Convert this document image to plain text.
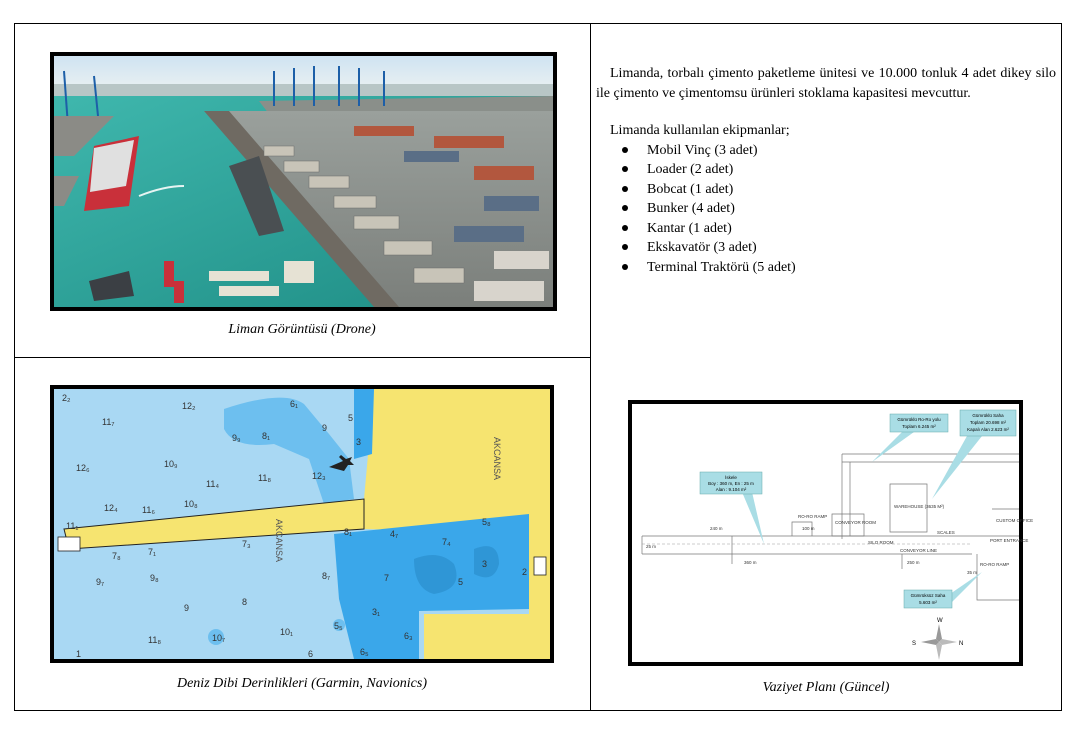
Liman Görüntüsü (Drone)

Limanda, torbalı çimento paketleme ünitesi ve 10.000 tonluk 4 adet dikey silo ile çimento ve çimentomsu ürünleri stoklama kapasitesi mevcuttur.

Limanda kullanılan ekipmanlar;

Mobil Vinç (3 adet)
Loader (2 adet)
Bobcat (1 adet)
Bunker (4 adet)
Kantar (1 adet)
Ekskavatör (3 adet)
Terminal Traktörü (5 adet)
2₂
12₂
11₇
6₁
5
9
8₁
9₉	3
12₆	10₉
11₈	12₃
11₄
12₄	11₆
10₈
11₁	5₈
8₁	4₇
7₄
2
7₈
7₃
7₁
9₇	9₈	8₇	7	5
3
9
8
3₁
6₃
11₈	10₇
10₁
5₅
6₅
6
1
AKCANSA
AKCANSA
Deniz Dibi Derinlikleri (Garmin, Navionics)
RO-RO RAMP
CONVEYOR ROOM
WAREHOUSE (3635 M²)
SILO ROOM
SCALES
CUSTOM OFFICE
PORT ENTRANCE
RO-RO RAMP
CONVEYOR LINE
240 m	100 m
360 m	250 m
25 m
35 m
İskele
Boy : 360 m, En : 25 m
Alan : 9.104 m²
Gümrüklü Ro-Ro yolu
Toplam 6.245 m²
Gümrüklü Saha
Toplam 20.698 m²
Kapalı Alan 2.623 m²
Gümrüksüz Saha
5.603 m²
W
S	N
Vaziyet Planı (Güncel)
